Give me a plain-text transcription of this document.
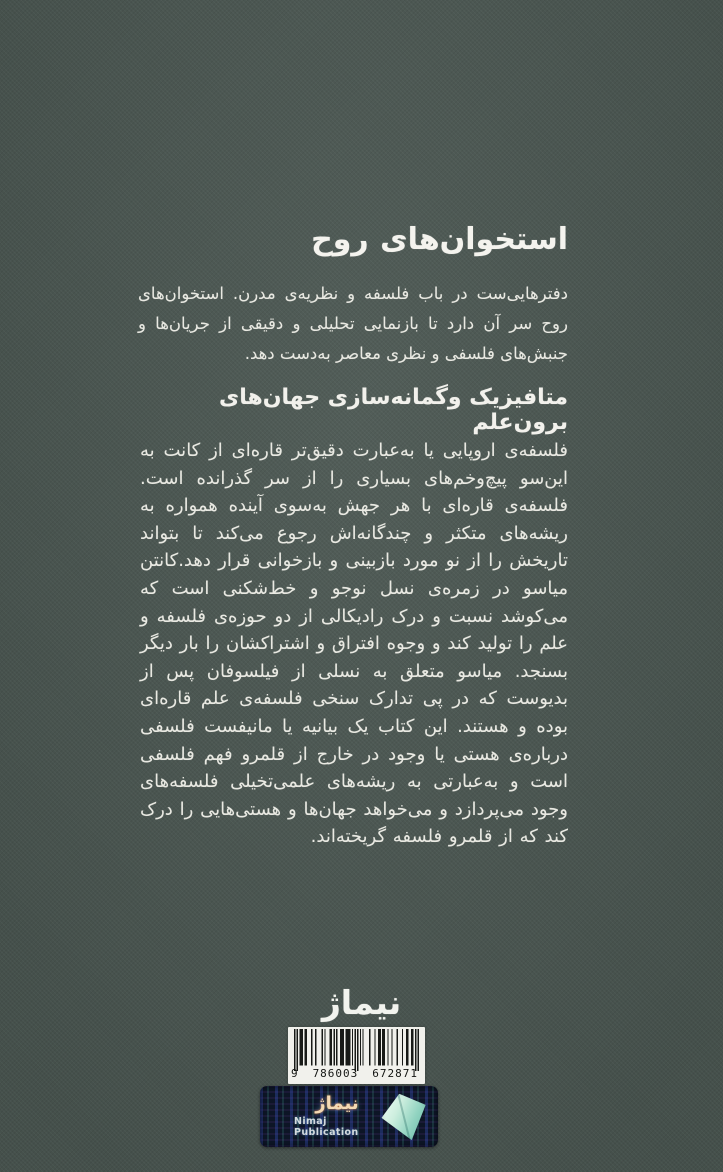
استخوان‌های روح

دفترهایی‌ست در باب فلسفه و نظریه‌ی مدرن. استخوان‌های روح سر آن دارد تا بازنمایی تحلیلی و دقیقی از جریان‌ها و جنبش‌های فلسفی و نظری معاصر به‌دست دهد.

متافیزیک وگمانه‌سازی جهان‌های برون‌علم

فلسفه‌ی اروپایی یا به‌عبارت دقیق‌تر قاره‌ای از کانت به این‌سو پیچ‌وخم‌های بسیاری را از سر گذرانده است. فلسفه‌ی قاره‌ای با هر جهش به‌سوی آینده همواره به ریشه‌های متکثر و چندگانه‌اش رجوع می‌کند تا بتواند تاریخش را از نو مورد بازبینی و بازخوانی قرار دهد.کانتن میاسو در زمره‌ی نسل نوجو و خط‌شکنی است که می‌کوشد نسبت و درک رادیکالی از دو حوزه‌ی فلسفه و علم را تولید کند و وجوه افتراق و اشتراکشان را بار دیگر بسنجد. میاسو متعلق به نسلی از فیلسوفان پس از بدیوست که در پی تدارک سنخی فلسفه‌ی علم قاره‌ای بوده و هستند. این کتاب یک بیانیه یا مانیفست فلسفی درباره‌ی هستی یا وجود در خارج از قلمرو فهم فلسفی است و به‌عبارتی به ریشه‌های علمی‌تخیلی فلسفه‌های وجود می‌پردازد و می‌خواهد جهان‌ها و هستی‌هایی را درک کند که از قلمرو فلسفه گریخته‌اند.

نیماژ
9 786003 672871
نیماژ
Nimaj
Publication
